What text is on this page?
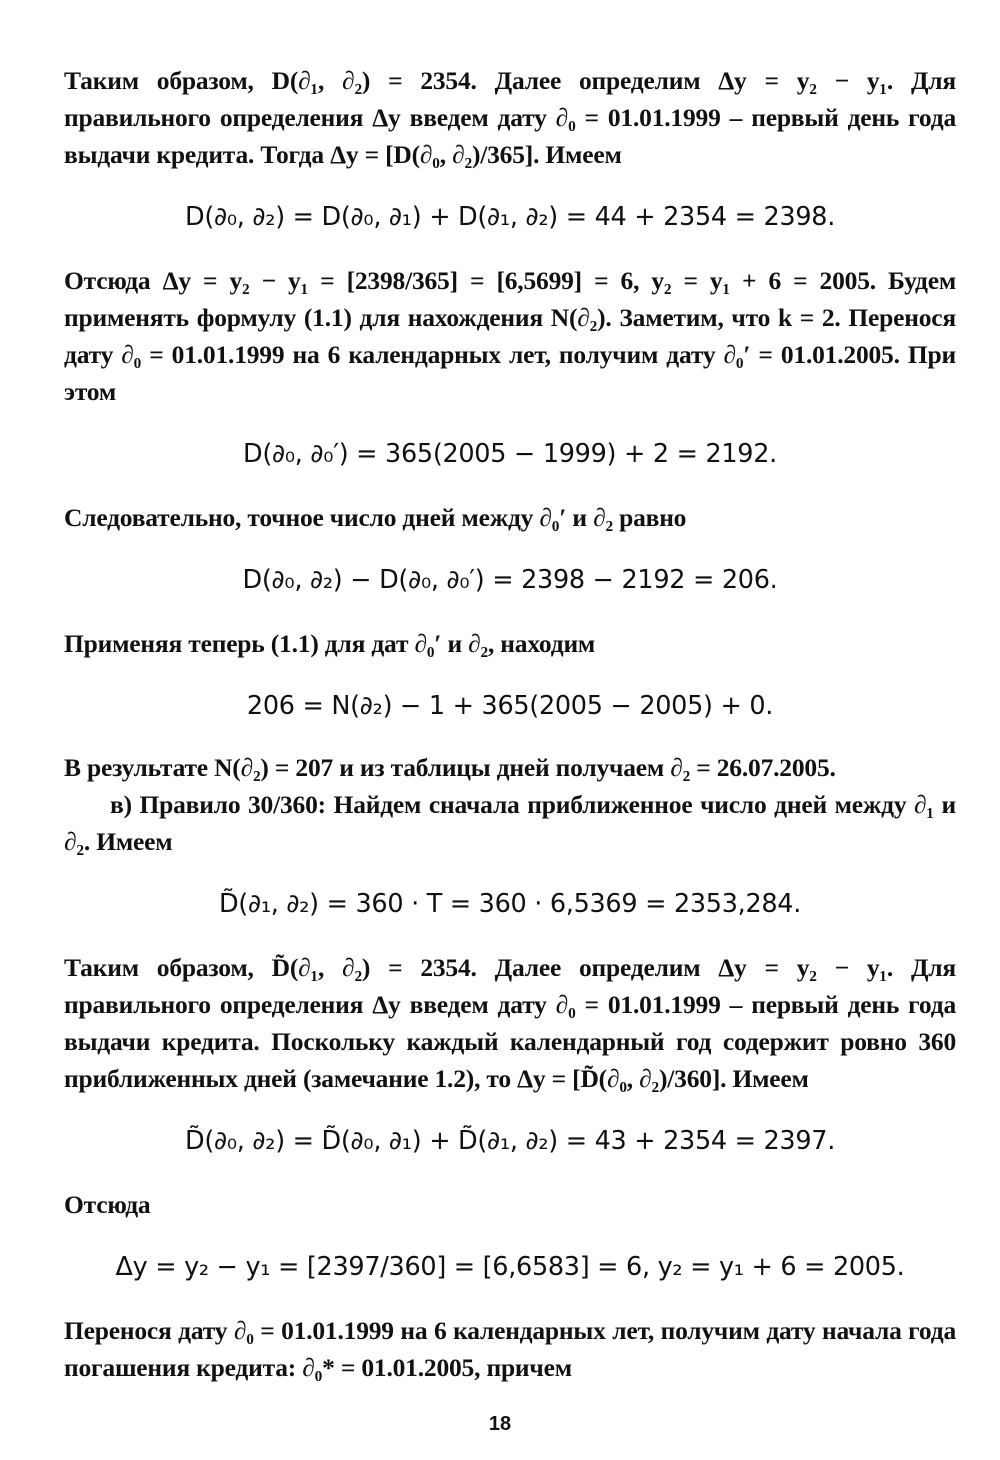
Таким образом, D(∂₁, ∂₂) = 2354. Далее определим Δy = y₂ − y₁. Для правильного определения Δy введем дату ∂₀ = 01.01.1999 – первый день года выдачи кредита. Тогда Δy = [D(∂₀, ∂₂)/365]. Имеем

D(∂₀, ∂₂) = D(∂₀, ∂₁) + D(∂₁, ∂₂) = 44 + 2354 = 2398.

Отсюда Δy = y₂ − y₁ = [2398/365] = [6,5699] = 6, y₂ = y₁ + 6 = 2005. Будем применять формулу (1.1) для нахождения N(∂₂). Заметим, что k = 2. Перенося дату ∂₀ = 01.01.1999 на 6 календарных лет, получим дату ∂₀′ = 01.01.2005. При этом

D(∂₀, ∂₀′) = 365(2005 − 1999) + 2 = 2192.

Следовательно, точное число дней между ∂₀′ и ∂₂ равно

D(∂₀, ∂₂) − D(∂₀, ∂₀′) = 2398 − 2192 = 206.

Применяя теперь (1.1) для дат ∂₀′ и ∂₂, находим

206 = N(∂₂) − 1 + 365(2005 − 2005) + 0.

В результате N(∂₂) = 207 и из таблицы дней получаем ∂₂ = 26.07.2005.

в) Правило 30/360: Найдем сначала приближенное число дней между ∂₁ и ∂₂. Имеем

D̃(∂₁, ∂₂) = 360 · T = 360 · 6,5369 = 2353,284.

Таким образом, D̃(∂₁, ∂₂) = 2354. Далее определим Δy = y₂ − y₁. Для правильного определения Δy введем дату ∂₀ = 01.01.1999 – первый день года выдачи кредита. Поскольку каждый календарный год содержит ровно 360 приближенных дней (замечание 1.2), то Δy = [D̃(∂₀, ∂₂)/360]. Имеем

D̃(∂₀, ∂₂) = D̃(∂₀, ∂₁) + D̃(∂₁, ∂₂) = 43 + 2354 = 2397.

Отсюда

Δy = y₂ − y₁ = [2397/360] = [6,6583] = 6, y₂ = y₁ + 6 = 2005.

Перенося дату ∂₀ = 01.01.1999 на 6 календарных лет, получим дату начала года погашения кредита: ∂₀* = 01.01.2005, причем

18
